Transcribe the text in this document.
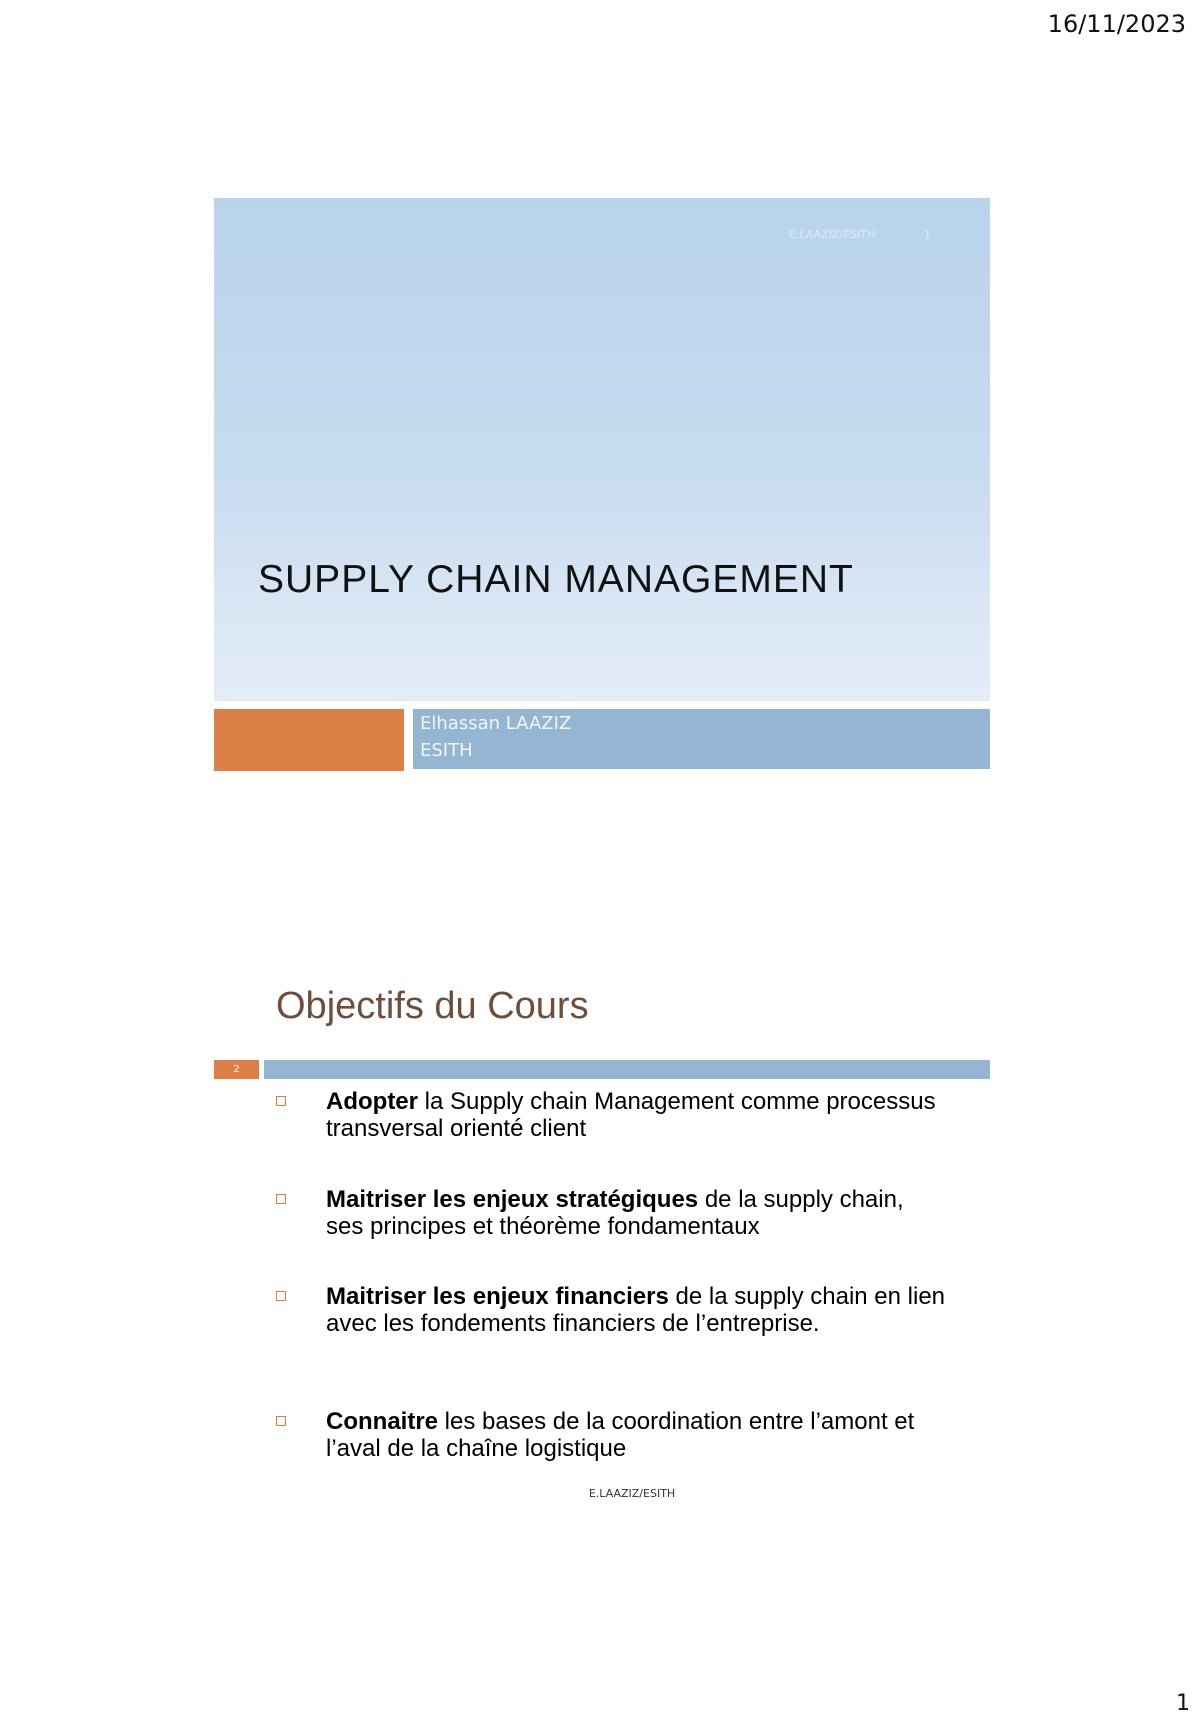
16/11/2023
E.LAAZIZ/ESITH	1
SUPPLY CHAIN MANAGEMENT
Elhassan LAAZIZ
ESITH
Objectifs du Cours
2
Adopter la Supply chain Management comme processus transversal orienté client
Maitriser les enjeux stratégiques de la supply chain, ses principes et théorème fondamentaux
Maitriser les enjeux financiers de la supply chain en lien avec les fondements financiers de l’entreprise.
Connaitre les bases de la coordination entre l’amont et l’aval de la chaîne logistique
E.LAAZIZ/ESITH
1
